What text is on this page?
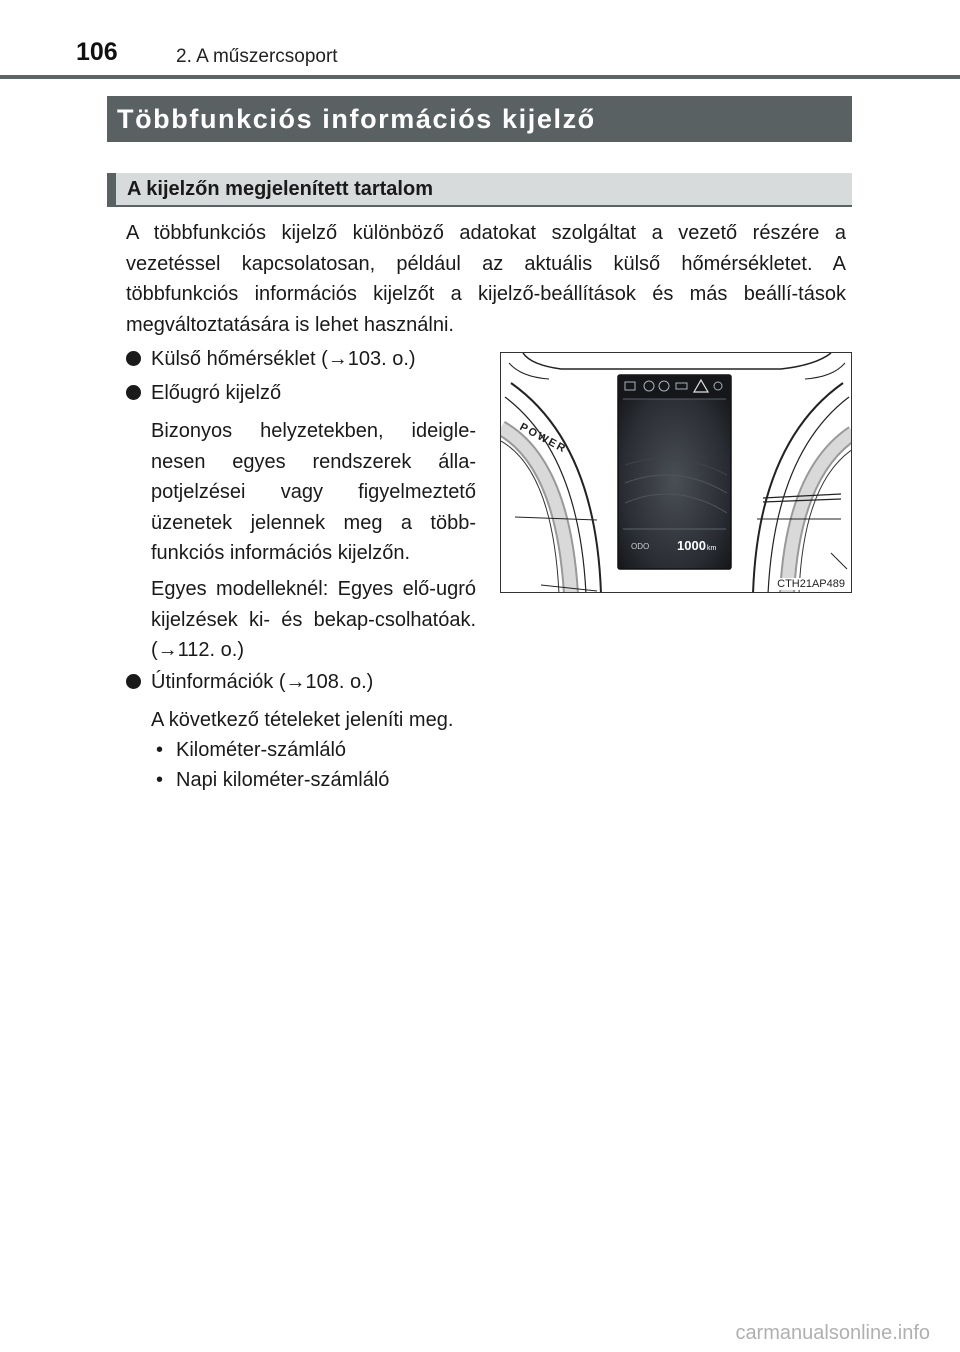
106	2. A műszercsoport
Többfunkciós információs kijelző
A kijelzőn megjelenített tartalom

A többfunkciós kijelző különböző adatokat szolgáltat a vezető részére a vezetéssel kapcsolatosan, például az aktuális külső hőmérsékletet. A többfunkciós információs kijelzőt a kijelző-beállítások és más beállí-tások megváltoztatására is lehet használni.

Külső hőmérséklet (→103. o.)
Előugró kijelző

Bizonyos helyzetekben, ideigle-nesen egyes rendszerek álla-potjelzései vagy figyelmeztető üzenetek jelennek meg a több-funkciós információs kijelzőn.

Egyes modelleknél: Egyes elő-ugró kijelzések ki- és bekap-csolhatóak. (→112. o.)

Útinformációk (→108. o.)
A következő tételeket jeleníti meg.
• Kilométer-számláló
• Napi kilométer-számláló
POWER
ODO 1000 km
CTH21AP489
carmanualsonline.info
